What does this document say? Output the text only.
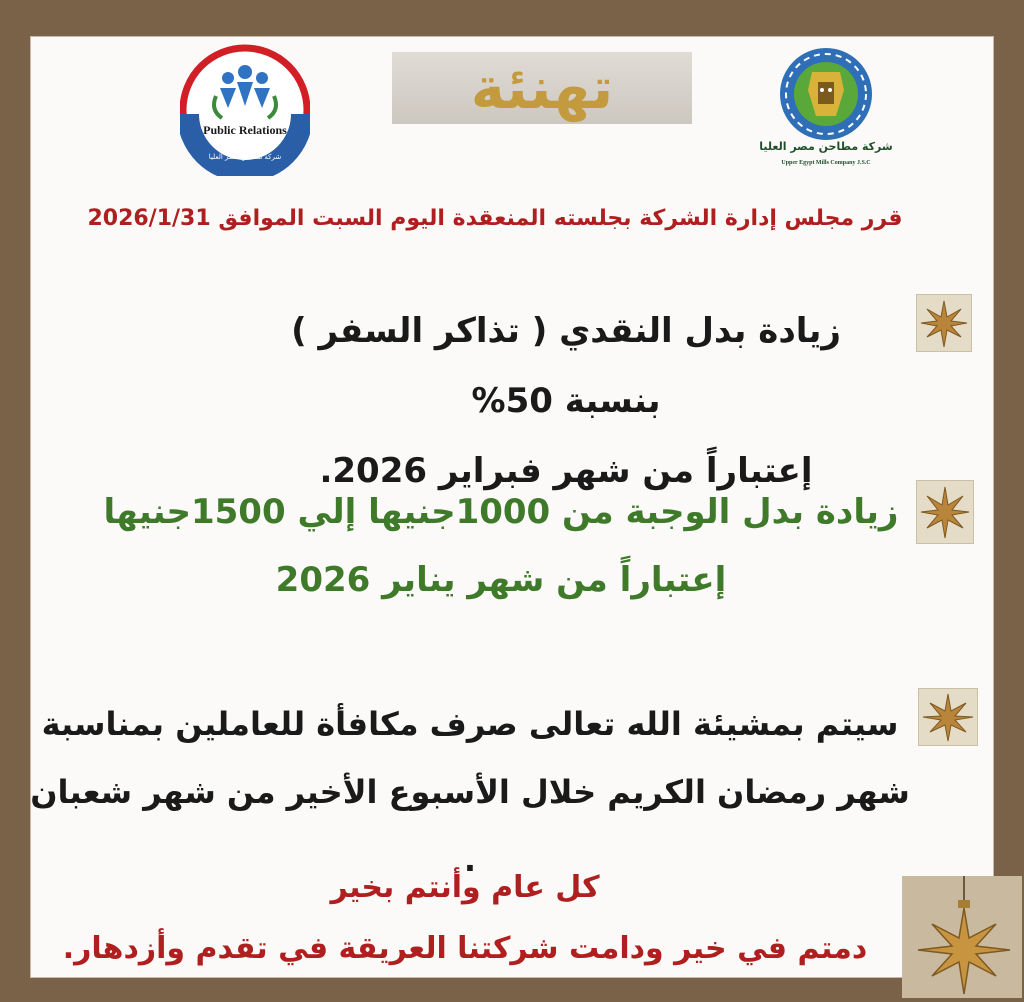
Public Relations
العلاقات العامة
شركة مطاحن مصر العليا
تهنئة
شركة مطاحن مصر العليا
Upper Egypt Mills Company J.S.C
قرر مجلس إدارة الشركة بجلسته المنعقدة اليوم السبت الموافق 2026/1/31

زيادة بدل النقدي ( تذاكر السفر ) بنسبة 50%

إعتباراً من شهر فبراير 2026.

زيادة بدل الوجبة من 1000جنيها إلي 1500جنيها

إعتباراً من شهر يناير 2026

سيتم بمشيئة الله تعالى صرف مكافأة للعاملين بمناسبة

شهر رمضان الكريم خلال الأسبوع الأخير من شهر شعبان .

كل عام وأنتم بخير

دمتم في خير ودامت شركتنا العريقة في تقدم وأزدهار.
